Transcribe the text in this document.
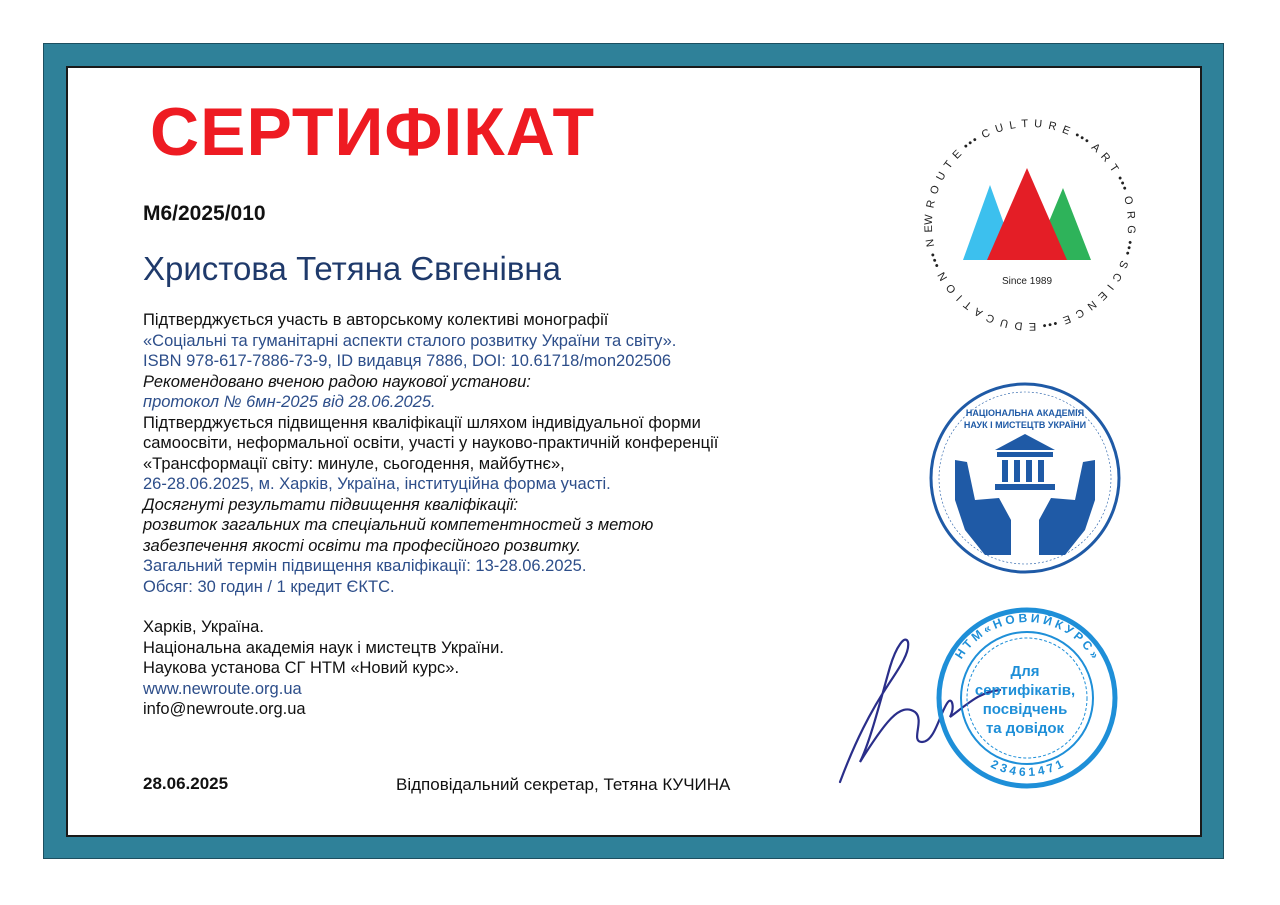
СЕРТИФІКАТ
M6/2025/010
Христова Тетяна Євгенівна
Підтверджується участь в авторському колективі монографії
«Соціальні та гуманітарні аспекти сталого розвитку України та світу».
ISBN 978-617-7886-73-9, ID видавця 7886, DOI: 10.61718/mon202506
Рекомендовано вченою радою наукової установи:
протокол № 6мн-2025 від 28.06.2025.
Підтверджується підвищення кваліфікації шляхом індивідуальної форми
самоосвіти, неформальної освіти, участі у науково-практичній конференції
«Трансформації світу: минуле, сьогодення, майбутнє»,
26-28.06.2025, м. Харків, Україна, інституційна форма участі.
Досягнуті результати підвищення кваліфікації:
розвиток загальних та спеціальний компетентностей з метою
забезпечення якості освіти та професійного розвитку.
Загальний термін підвищення кваліфікації: 13-28.06.2025.
Обсяг: 30 годин / 1 кредит ЄКТС.
Харків, Україна.
Національна академія наук і мистецтв України.
Наукова установа СГ НТМ «Новий курс».
www.newroute.org.ua
info@newroute.org.ua
28.06.2025	Відповідальний секретар, Тетяна КУЧИНА
W R O U T E ••• C U L T U R E ••• A R T ••• O R G ••• S C I E N C E ••• E D U C A T I O N ••• N E
Since 1989
НАЦІОНАЛЬНА АКАДЕМІЯ
НАУК І МИСТЕЦТВ УКРАЇНИ
Н Т М « Н О В И Й К У Р С »
2 3 4 6 1 4 7 1
Для
сертифікатів,
посвідчень
та довідок
